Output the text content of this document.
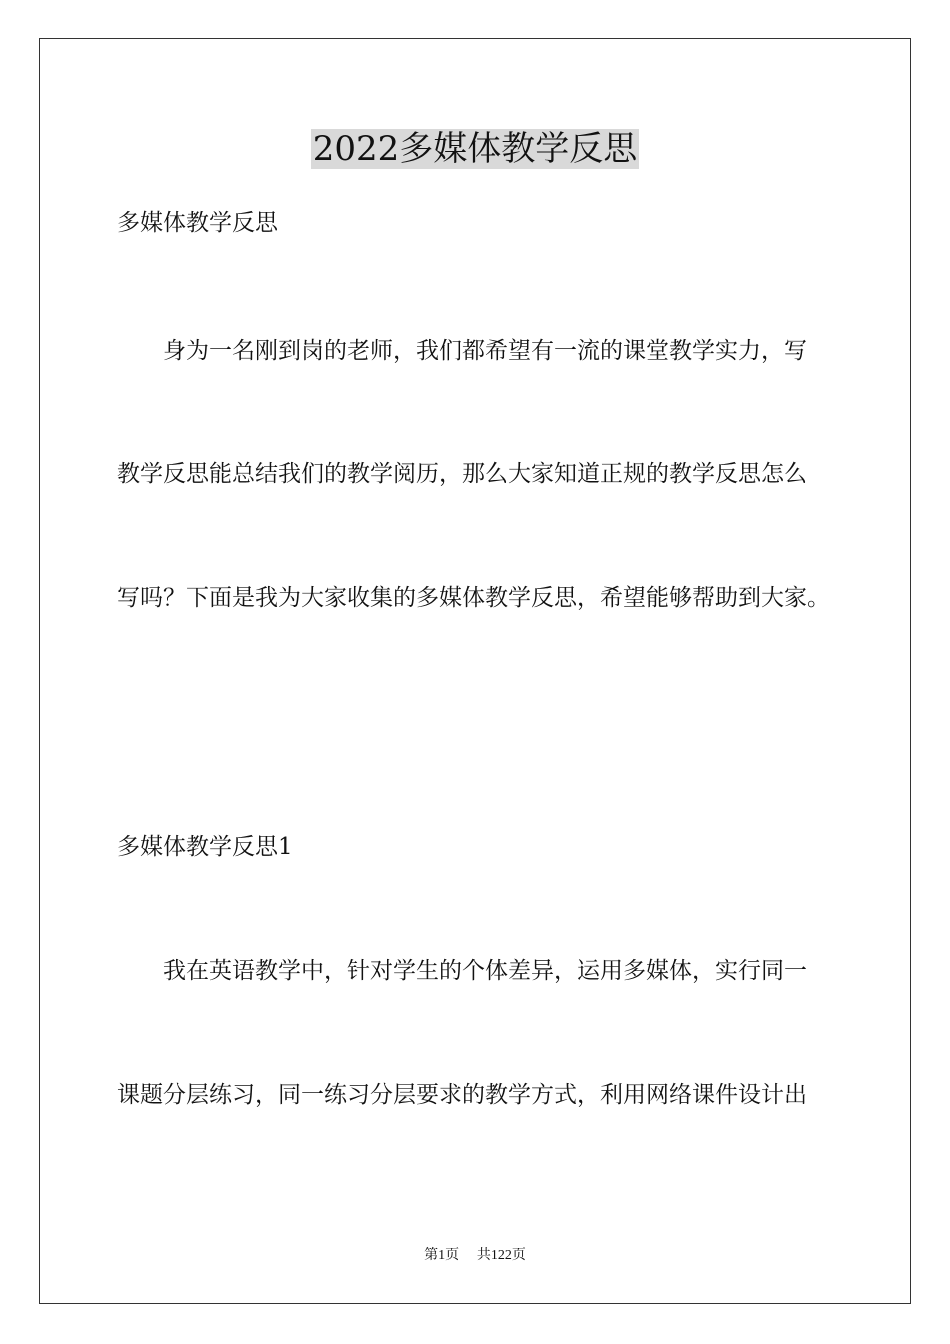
2022多媒体教学反思

多媒体教学反思

身为一名刚到岗的老师，我们都希望有一流的课堂教学实力，写

教学反思能总结我们的教学阅历，那么大家知道正规的教学反思怎么

写吗？下面是我为大家收集的多媒体教学反思，希望能够帮助到大家。

多媒体教学反思1

我在英语教学中，针对学生的个体差异，运用多媒体，实行同一

课题分层练习，同一练习分层要求的教学方式，利用网络课件设计出

第1页 共122页
